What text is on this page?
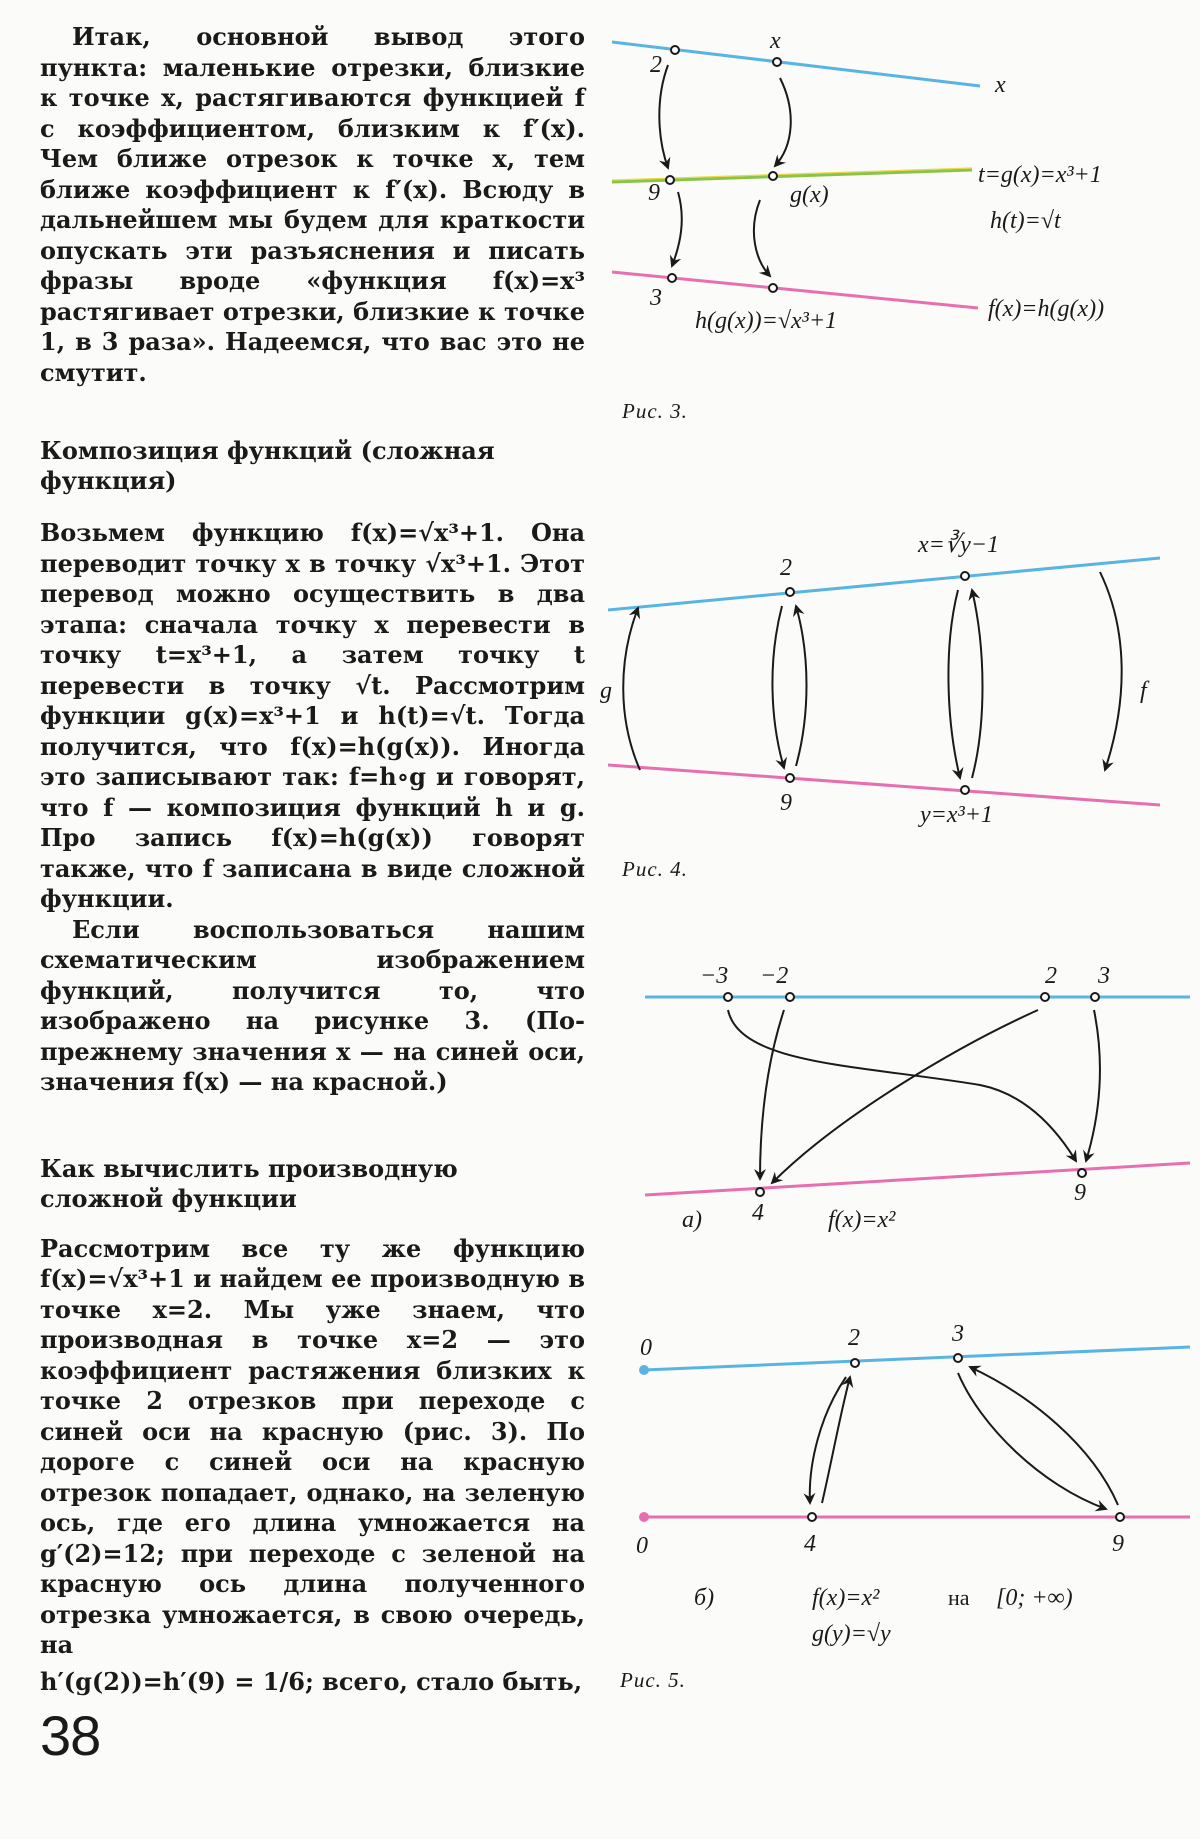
Итак, основной вывод этого пункта: маленькие отрезки, близкие к точке x, растягиваются функцией f с коэффициентом, близким к f′(x). Чем ближе отрезок к точке x, тем ближе коэффициент к f′(x). Всюду в дальнейшем мы будем для краткости опускать эти разъяснения и писать фразы вроде «функция f(x)=x³ растягивает отрезки, близкие к точке 1, в 3 раза». Надеемся, что вас это не смутит.

Композиция функций (сложная функция)

Возьмем функцию f(x)=√x³+1. Она переводит точку x в точку √x³+1. Этот перевод можно осуществить в два этапа: сначала точку x перевести в точку t=x³+1, а затем точку t перевести в точку √t. Рассмотрим функции g(x)=x³+1 и h(t)=√t. Тогда получится, что f(x)=h(g(x)). Иногда это записывают так: f=h∘g и говорят, что f — композиция функций h и g. Про запись f(x)=h(g(x)) говорят также, что f записана в виде сложной функции.

Если воспользоваться нашим схематическим изображением функций, получится то, что изображено на рисунке 3. (По-прежнему значения x — на синей оси, значения f(x) — на красной.)

Как вычислить производную сложной функции

Рассмотрим все ту же функцию f(x)=√x³+1 и найдем ее производную в точке x=2. Мы уже знаем, что производная в точке x=2 — это коэффициент растяжения близких к точке 2 отрезков при переходе с синей оси на красную (рис. 3). По дороге с синей оси на красную отрезок попадает, однако, на зеленую ось, где его длина умножается на g′(2)=12; при переходе с зеленой на красную ось длина полученного отрезка умножается, в свою очередь, на

h′(g(2))=h′(9) = 1/6; всего, стало быть,

38
x
x
2
9
3
g(x)
t=g(x)=x³+1
h(t)=√t
h(g(x))=√x³+1	f(x)=h(g(x))
Рис. 3.
2
9
x=∛y−1
y=x³+1
g	f
Рис. 4.
−3 −2	2 3
4
9
а)	f(x)=x²
0
0
2	3
4	9
б)	f(x)=x²	на [0; +∞)
g(y)=√y
Рис. 5.
